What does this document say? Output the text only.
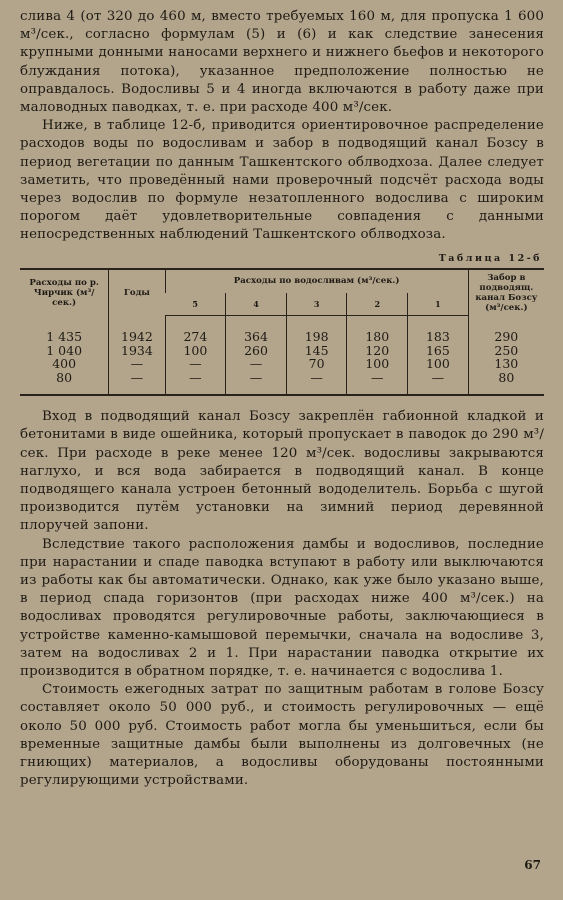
слива 4 (от 320 до 460 м, вместо требуемых 160 м, для пропуска 1 600 м³/сек., согласно формулам (5) и (6) и как следствие занесения крупными донными наносами верхнего и нижнего бьефов и некоторого блуждания потока), указанное предположение полностью не оправдалось. Водосливы 5 и 4 иногда включаются в работу даже при маловодных паводках, т. е. при расходе 400 м³/сек.

Ниже, в таблице 12-б, приводится ориентировочное распределение расходов воды по водосливам и забор в подводящий канал Бозсу в период вегетации по данным Ташкентского облводхоза. Далее следует заметить, что проведённый нами проверочный подсчёт расхода воды через водослив по формуле незатопленного водослива с широким порогом даёт удовлетворительные совпадения с данными непосредственных наблюдений Ташкентского облводхоза.

Таблица 12-б
Расходы по р. Чирчик (м³/сек.)	Годы	Расходы по водосливам (м³/сек.)					Забор в подводящ. канал Бозсу (м³/сек.)
		5	4	3	2	1	
1 435	1942	274	364	198	180	183	290
1 040	1934	100	260	145	120	165	250
400	—	—	—	70	100	100	130
80	—	—	—	—	—	—	80

Вход в подводящий канал Бозсу закреплён габионной кладкой и бетонитами в виде ошейника, который пропускает в паводок до 290 м³/сек. При расходе в реке менее 120 м³/сек. водосливы закрываются наглухо, и вся вода забирается в подводящий канал. В конце подводящего канала устроен бетонный вододелитель. Борьба с шугой производится путём установки на зимний период деревянной плоручей запони.

Вследствие такого расположения дамбы и водосливов, последние при нарастании и спаде паводка вступают в работу или выключаются из работы как бы автоматически. Однако, как уже было указано выше, в период спада горизонтов (при расходах ниже 400 м³/сек.) на водосливах проводятся регулировочные работы, заключающиеся в устройстве каменно-камышовой перемычки, сначала на водосливе 3, затем на водосливах 2 и 1. При нарастании паводка открытие их производится в обратном порядке, т. е. начинается с водослива 1.

Стоимость ежегодных затрат по защитным работам в голове Бозсу составляет около 50 000 руб., и стоимость регулировочных — ещё около 50 000 руб. Стоимость работ могла бы уменьшиться, если бы временные защитные дамбы были выполнены из долговечных (не гниющих) материалов, а водосливы оборудованы постоянными регулирующими устройствами.

67
